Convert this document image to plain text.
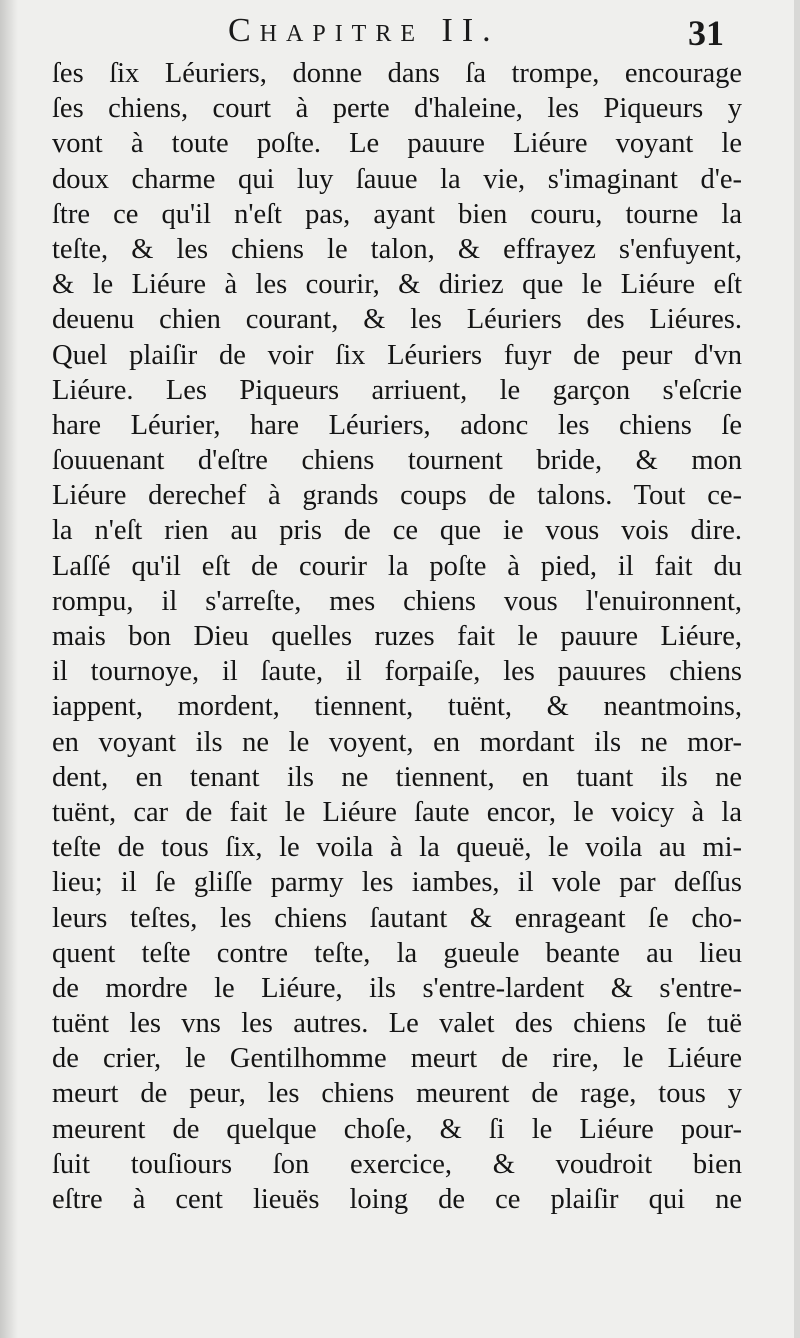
Chapitre II.	31
ſes ſix Léuriers, donne dans ſa trompe, encourage
ſes chiens, court à perte d'haleine, les Piqueurs y
vont à toute poſte. Le pauure Liéure voyant le
doux charme qui luy ſauue la vie, s'imaginant d'e-
ſtre ce qu'il n'eſt pas, ayant bien couru, tourne la
teſte, & les chiens le talon, & effrayez s'enfuyent,
& le Liéure à les courir, & diriez que le Liéure eſt
deuenu chien courant, & les Léuriers des Liéures.
Quel plaiſir de voir ſix Léuriers fuyr de peur d'vn
Liéure. Les Piqueurs arriuent, le garçon s'eſcrie
hare Léurier, hare Léuriers, adonc les chiens ſe
ſouuenant d'eſtre chiens tournent bride, & mon
Liéure derechef à grands coups de talons. Tout ce-
la n'eſt rien au pris de ce que ie vous vois dire.
Laſſé qu'il eſt de courir la poſte à pied, il fait du
rompu, il s'arreſte, mes chiens vous l'enuironnent,
mais bon Dieu quelles ruzes fait le pauure Liéure,
il tournoye, il ſaute, il forpaiſe, les pauures chiens
iappent, mordent, tiennent, tuënt, & neantmoins,
en voyant ils ne le voyent, en mordant ils ne mor-
dent, en tenant ils ne tiennent, en tuant ils ne
tuënt, car de fait le Liéure ſaute encor, le voicy à la
teſte de tous ſix, le voila à la queuë, le voila au mi-
lieu; il ſe gliſſe parmy les iambes, il vole par deſſus
leurs teſtes, les chiens ſautant & enrageant ſe cho-
quent teſte contre teſte, la gueule beante au lieu
de mordre le Liéure, ils s'entre-lardent & s'entre-
tuënt les vns les autres. Le valet des chiens ſe tuë
de crier, le Gentilhomme meurt de rire, le Liéure
meurt de peur, les chiens meurent de rage, tous y
meurent de quelque choſe, & ſi le Liéure pour-
ſuit touſiours ſon exercice, & voudroit bien
eſtre à cent lieuës loing de ce plaiſir qui ne
